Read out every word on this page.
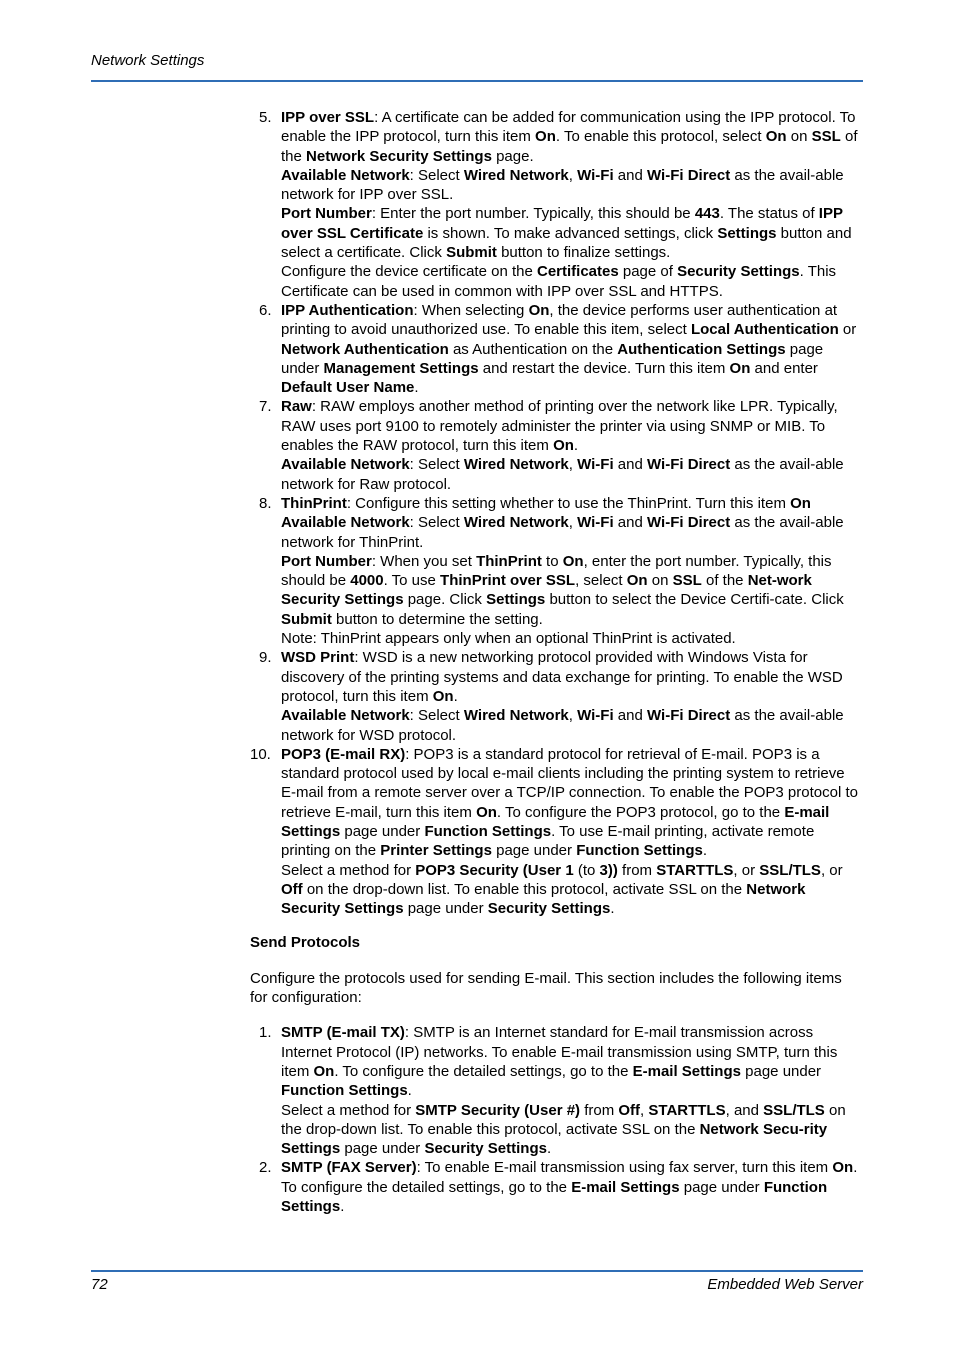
Network Settings
5. IPP over SSL: A certificate can be added for communication using the IPP protocol. To enable the IPP protocol, turn this item On. To enable this protocol, select On on SSL of the Network Security Settings page.

Available Network: Select Wired Network, Wi-Fi and Wi-Fi Direct as the avail-able network for IPP over SSL.

Port Number: Enter the port number. Typically, this should be 443. The status of IPP over SSL Certificate is shown. To make advanced settings, click Settings button and select a certificate. Click Submit button to finalize settings.

Configure the device certificate on the Certificates page of Security Settings. This Certificate can be used in common with IPP over SSL and HTTPS.

6. IPP Authentication: When selecting On, the device performs user authentication at printing to avoid unauthorized use. To enable this item, select Local Authentication or Network Authentication as Authentication on the Authentication Settings page under Management Settings and restart the device. Turn this item On and enter Default User Name.

7. Raw: RAW employs another method of printing over the network like LPR. Typically, RAW uses port 9100 to remotely administer the printer via using SNMP or MIB. To enables the RAW protocol, turn this item On.

Available Network: Select Wired Network, Wi-Fi and Wi-Fi Direct as the avail-able network for Raw protocol.

8. ThinPrint: Configure this setting whether to use the ThinPrint. Turn this item On

Available Network: Select Wired Network, Wi-Fi and Wi-Fi Direct as the avail-able network for ThinPrint.

Port Number: When you set ThinPrint to On, enter the port number. Typically, this should be 4000. To use ThinPrint over SSL, select On on SSL of the Net-work Security Settings page. Click Settings button to select the Device Certifi-cate. Click Submit button to determine the setting.

Note: ThinPrint appears only when an optional ThinPrint is activated.

9. WSD Print: WSD is a new networking protocol provided with Windows Vista for discovery of the printing systems and data exchange for printing. To enable the WSD protocol, turn this item On.

Available Network: Select Wired Network, Wi-Fi and Wi-Fi Direct as the avail-able network for WSD protocol.

10. POP3 (E-mail RX): POP3 is a standard protocol for retrieval of E-mail. POP3 is a standard protocol used by local e-mail clients including the printing system to retrieve E-mail from a remote server over a TCP/IP connection. To enable the POP3 protocol to retrieve E-mail, turn this item On. To configure the POP3 protocol, go to the E-mail Settings page under Function Settings. To use E-mail printing, activate remote printing on the Printer Settings page under Function Settings.

Select a method for POP3 Security (User 1 (to 3)) from STARTTLS, or SSL/TLS, or Off on the drop-down list. To enable this protocol, activate SSL on the Network Security Settings page under Security Settings.

Send Protocols

Configure the protocols used for sending E-mail. This section includes the following items for configuration:

1. SMTP (E-mail TX): SMTP is an Internet standard for E-mail transmission across Internet Protocol (IP) networks. To enable E-mail transmission using SMTP, turn this item On. To configure the detailed settings, go to the E-mail Settings page under Function Settings.

Select a method for SMTP Security (User #) from Off, STARTTLS, and SSL/TLS on the drop-down list. To enable this protocol, activate SSL on the Network Secu-rity Settings page under Security Settings.

2. SMTP (FAX Server): To enable E-mail transmission using fax server, turn this item On. To configure the detailed settings, go to the E-mail Settings page under Function Settings.

72	Embedded Web Server
